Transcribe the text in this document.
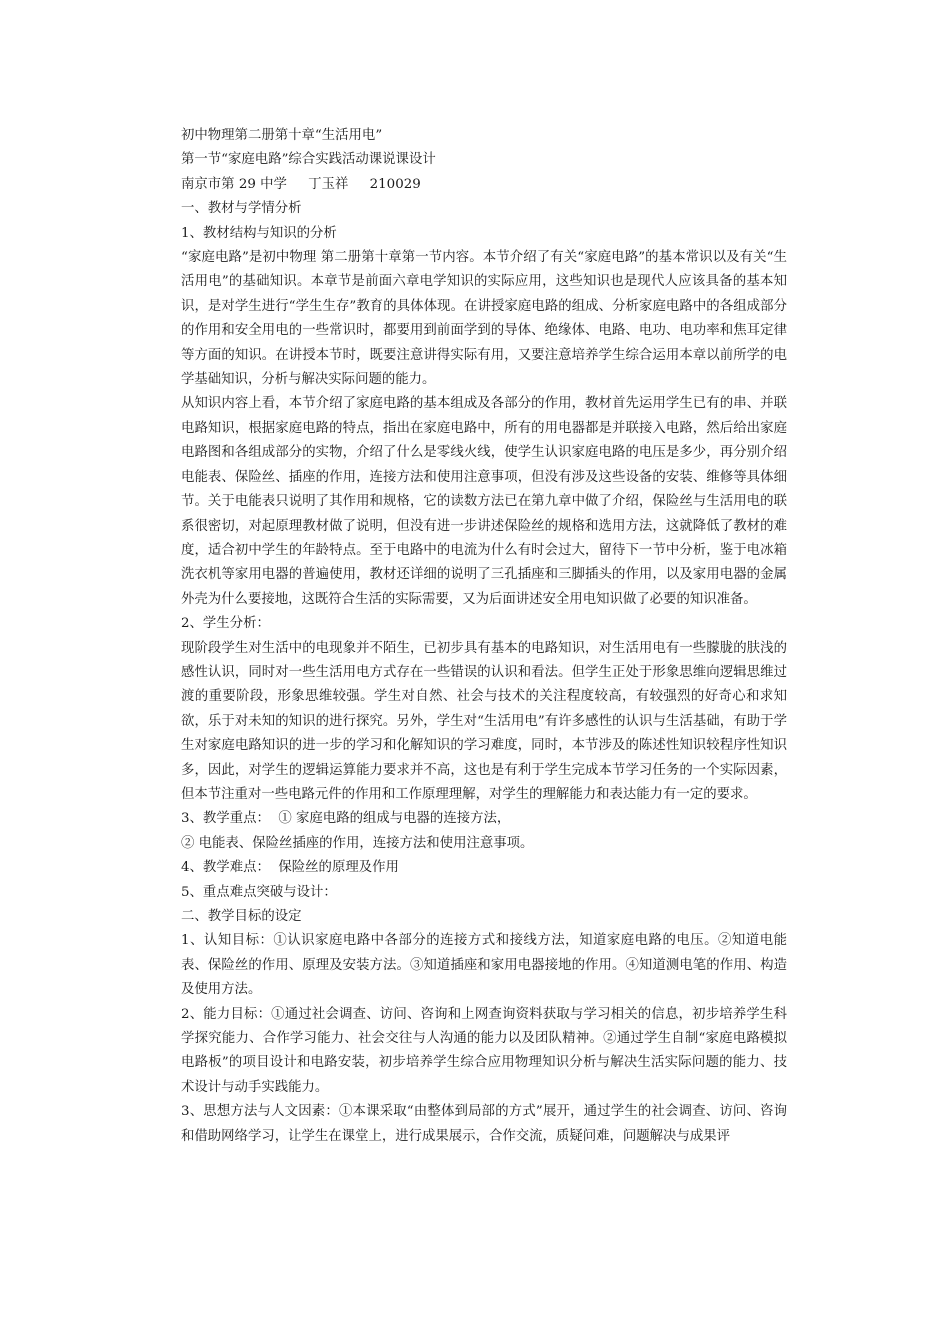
初中物理第二册第十章“生活用电”

第一节“家庭电路”综合实践活动课说课设计

南京市第 29 中学     丁玉祥     210029

一、教材与学情分析

1、教材结构与知识的分析

“家庭电路”是初中物理 第二册第十章第一节内容。本节介绍了有关“家庭电路”的基本常识以及有关“生活用电”的基础知识。本章节是前面六章电学知识的实际应用，这些知识也是现代人应该具备的基本知识，是对学生进行“学生生存”教育的具体体现。在讲授家庭电路的组成、分析家庭电路中的各组成部分的作用和安全用电的一些常识时，都要用到前面学到的导体、绝缘体、电路、电功、电功率和焦耳定律等方面的知识。在讲授本节时，既要注意讲得实际有用，又要注意培养学生综合运用本章以前所学的电学基础知识，分析与解决实际问题的能力。

从知识内容上看，本节介绍了家庭电路的基本组成及各部分的作用，教材首先运用学生已有的串、并联电路知识，根据家庭电路的特点，指出在家庭电路中，所有的用电器都是并联接入电路，然后给出家庭电路图和各组成部分的实物，介绍了什么是零线火线，使学生认识家庭电路的电压是多少，再分别介绍电能表、保险丝、插座的作用，连接方法和使用注意事项，但没有涉及这些设备的安装、维修等具体细节。关于电能表只说明了其作用和规格，它的读数方法已在第九章中做了介绍，保险丝与生活用电的联系很密切，对起原理教材做了说明，但没有进一步讲述保险丝的规格和选用方法，这就降低了教材的难度，适合初中学生的年龄特点。至于电路中的电流为什么有时会过大，留待下一节中分析，鉴于电冰箱洗衣机等家用电器的普遍使用，教材还详细的说明了三孔插座和三脚插头的作用，以及家用电器的金属外壳为什么要接地，这既符合生活的实际需要，又为后面讲述安全用电知识做了必要的知识准备。

2、学生分析：

现阶段学生对生活中的电现象并不陌生，已初步具有基本的电路知识，对生活用电有一些朦胧的肤浅的感性认识，同时对一些生活用电方式存在一些错误的认识和看法。但学生正处于形象思维向逻辑思维过渡的重要阶段，形象思维较强。学生对自然、社会与技术的关注程度较高，有较强烈的好奇心和求知欲，乐于对未知的知识的进行探究。另外，学生对“生活用电”有许多感性的认识与生活基础，有助于学生对家庭电路知识的进一步的学习和化解知识的学习难度，同时，本节涉及的陈述性知识较程序性知识多，因此，对学生的逻辑运算能力要求并不高，这也是有利于学生完成本节学习任务的一个实际因素，但本节注重对一些电路元件的作用和工作原理理解，对学生的理解能力和表达能力有一定的要求。

3、教学重点：  ① 家庭电路的组成与电器的连接方法，

② 电能表、保险丝插座的作用，连接方法和使用注意事项。

4、教学难点：  保险丝的原理及作用

5、重点难点突破与设计：

二、教学目标的设定

1、认知目标：①认识家庭电路中各部分的连接方式和接线方法，知道家庭电路的电压。②知道电能表、保险丝的作用、原理及安装方法。③知道插座和家用电器接地的作用。④知道测电笔的作用、构造及使用方法。

2、能力目标：①通过社会调查、访问、咨询和上网查询资料获取与学习相关的信息，初步培养学生科学探究能力、合作学习能力、社会交往与人沟通的能力以及团队精神。②通过学生自制“家庭电路模拟电路板”的项目设计和电路安装，初步培养学生综合应用物理知识分析与解决生活实际问题的能力、技术设计与动手实践能力。

3、思想方法与人文因素：①本课采取“由整体到局部的方式”展开，通过学生的社会调查、访问、咨询和借助网络学习，让学生在课堂上，进行成果展示，合作交流，质疑问难，问题解决与成果评
